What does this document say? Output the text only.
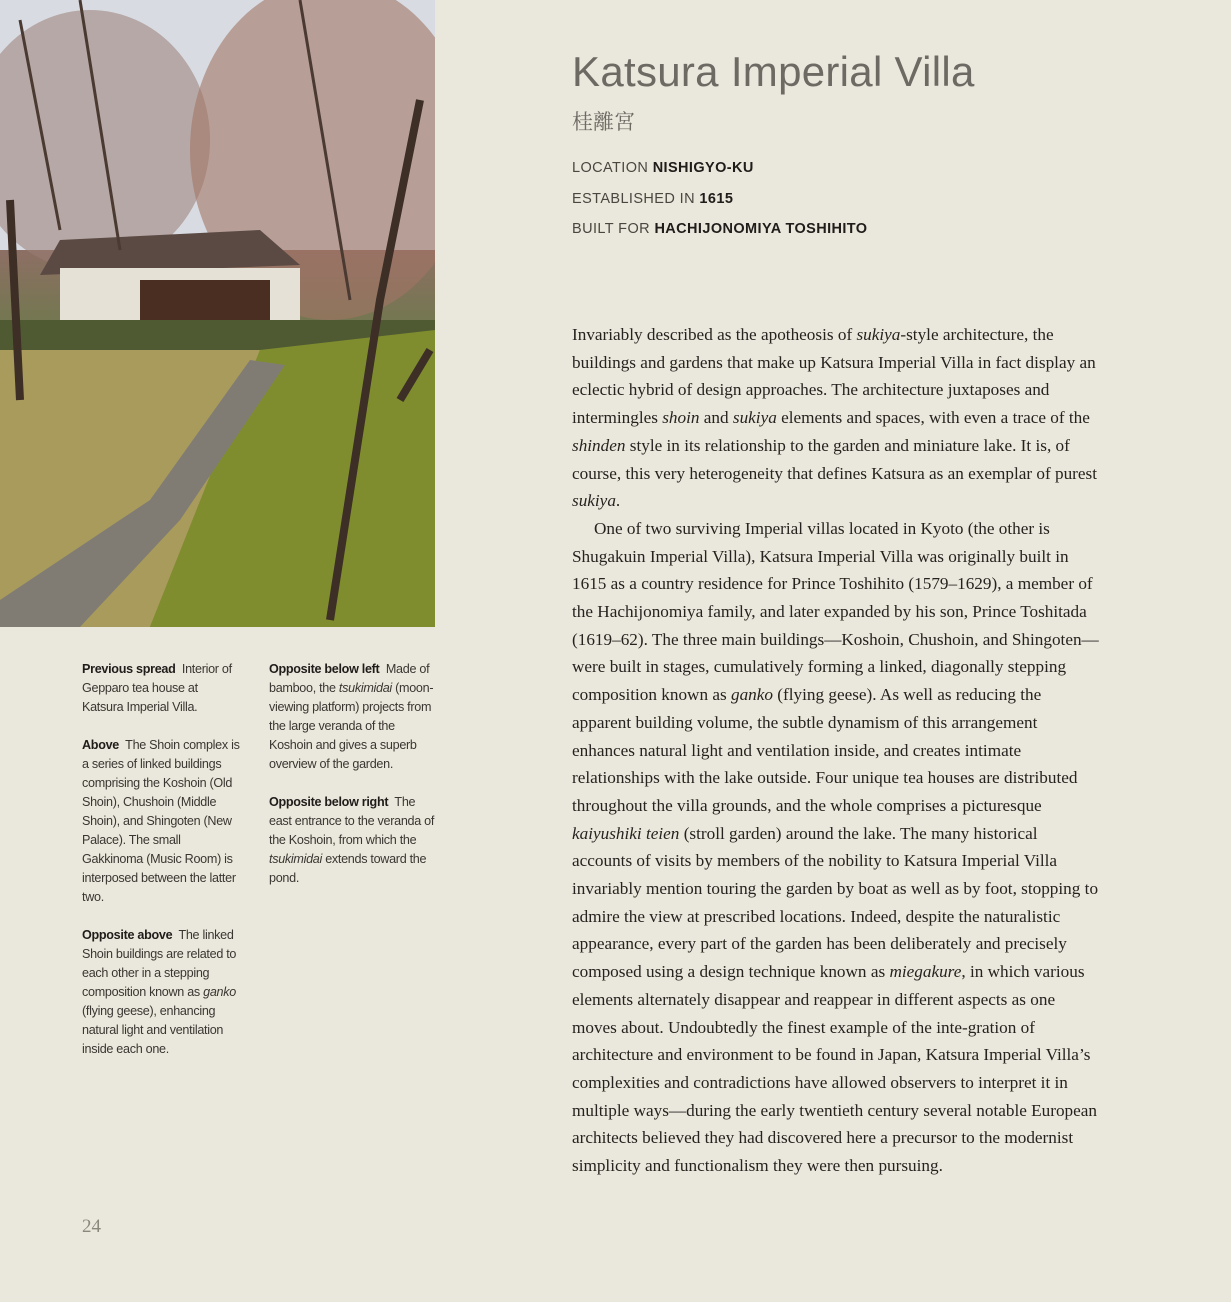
Katsura Imperial Villa
桂離宮
LOCATION NISHIGYO-KU
ESTABLISHED IN 1615
BUILT FOR HACHIJONOMIYA TOSHIHITO

Invariably described as the apotheosis of sukiya-style architecture, the buildings and gardens that make up Katsura Imperial Villa in fact display an eclectic hybrid of design approaches. The architecture juxtaposes and intermingles shoin and sukiya elements and spaces, with even a trace of the shinden style in its relationship to the garden and miniature lake. It is, of course, this very heterogeneity that defines Katsura as an exemplar of purest sukiya.

One of two surviving Imperial villas located in Kyoto (the other is Shugakuin Imperial Villa), Katsura Imperial Villa was originally built in 1615 as a country residence for Prince Toshihito (1579–1629), a member of the Hachijonomiya family, and later expanded by his son, Prince Toshitada (1619–62). The three main buildings—Koshoin, Chushoin, and Shingoten—were built in stages, cumulatively forming a linked, diagonally stepping composition known as ganko (flying geese). As well as reducing the apparent building volume, the subtle dynamism of this arrangement enhances natural light and ventilation inside, and creates intimate relationships with the lake outside. Four unique tea houses are distributed throughout the villa grounds, and the whole comprises a picturesque kaiyushiki teien (stroll garden) around the lake. The many historical accounts of visits by members of the nobility to Katsura Imperial Villa invariably mention touring the garden by boat as well as by foot, stopping to admire the view at prescribed locations. Indeed, despite the naturalistic appearance, every part of the garden has been deliberately and precisely composed using a design technique known as miegakure, in which various elements alternately disappear and reappear in different aspects as one moves about. Undoubtedly the finest example of the inte-gration of architecture and environment to be found in Japan, Katsura Imperial Villa’s complexities and contradictions have allowed observers to interpret it in multiple ways—during the early twentieth century several notable European architects believed they had discovered here a precursor to the modernist simplicity and functionalism they were then pursuing.

Previous spread Interior of Gepparo tea house at Katsura Imperial Villa.

Above The Shoin complex is a series of linked buildings comprising the Koshoin (Old Shoin), Chushoin (Middle Shoin), and Shingoten (New Palace). The small Gakkinoma (Music Room) is interposed between the latter two.

Opposite above The linked Shoin buildings are related to each other in a stepping composition known as ganko (flying geese), enhancing natural light and ventilation inside each one.

Opposite below left Made of bamboo, the tsukimidai (moon-viewing platform) projects from the large veranda of the Koshoin and gives a superb overview of the garden.

Opposite below right The east entrance to the veranda of the Koshoin, from which the tsukimidai extends toward the pond.

24
